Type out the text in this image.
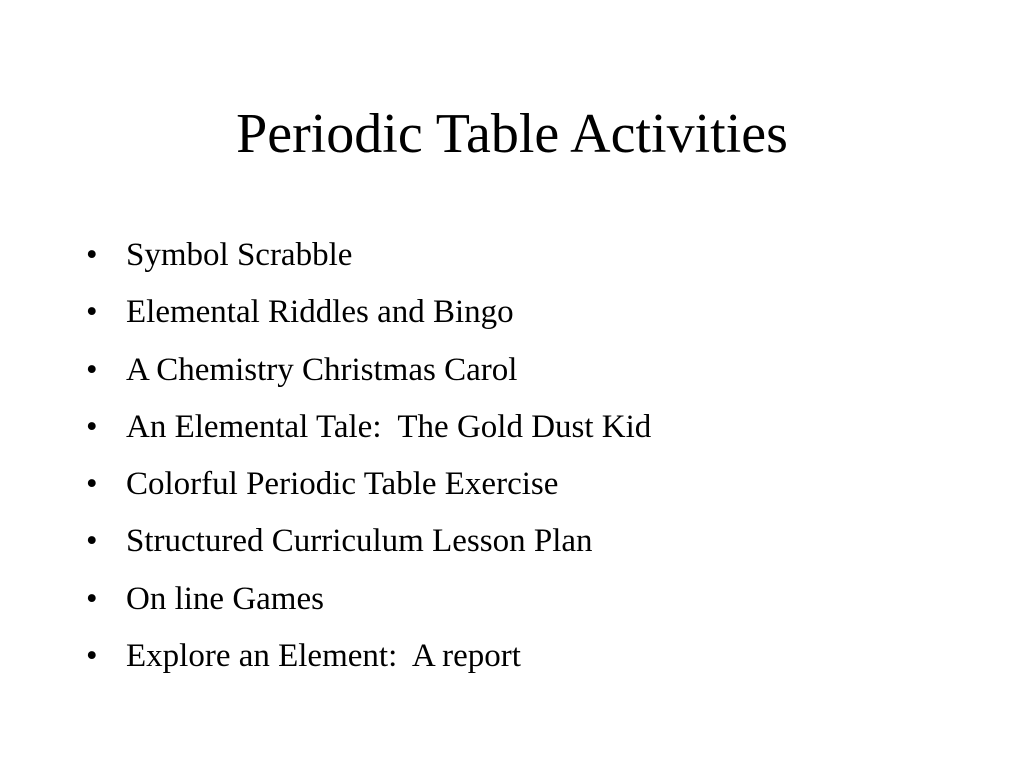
Periodic Table Activities
• Symbol Scrabble
• Elemental Riddles and Bingo
• A Chemistry Christmas Carol
• An Elemental Tale:  The Gold Dust Kid
• Colorful Periodic Table Exercise
• Structured Curriculum Lesson Plan
• On line Games
• Explore an Element:  A report
